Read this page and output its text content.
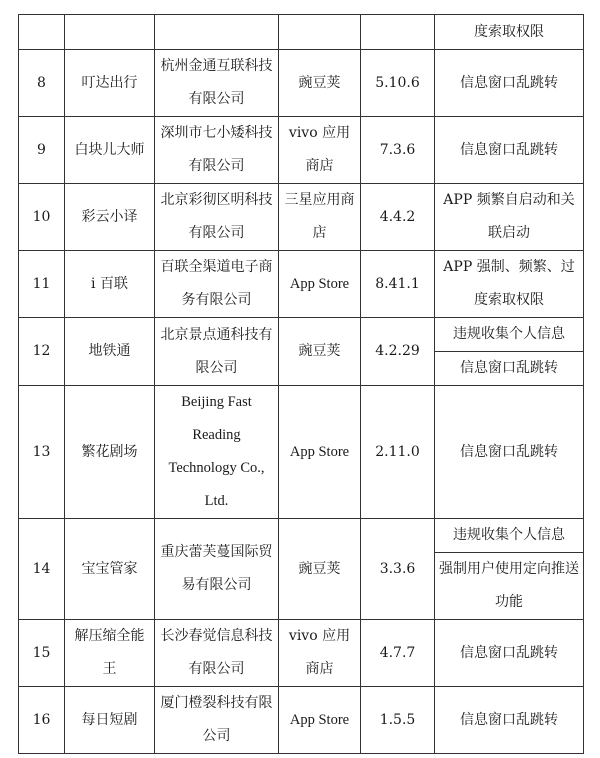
					度索取权限
8	叮达出行	杭州金通互联科技有限公司	豌豆荚	5.10.6	信息窗口乱跳转
9	白块儿大师	深圳市七小矮科技有限公司	vivo 应用商店	7.3.6	信息窗口乱跳转
10	彩云小译	北京彩彻区明科技有限公司	三星应用商店	4.4.2	APP 频繁自启动和关联启动
11	i 百联	百联全渠道电子商务有限公司	App Store	8.41.1	APP 强制、频繁、过度索取权限
12	地铁通	北京景点通科技有限公司	豌豆荚	4.2.29	违规收集个人信息
					信息窗口乱跳转
13	繁花剧场	Beijing Fast Reading Technology Co., Ltd.	App Store	2.11.0	信息窗口乱跳转
14	宝宝管家	重庆蕾芙蔓国际贸易有限公司	豌豆荚	3.3.6	违规收集个人信息
					强制用户使用定向推送功能
15	解压缩全能王	长沙春觉信息科技有限公司	vivo 应用商店	4.7.7	信息窗口乱跳转
16	每日短剧	厦门橙裂科技有限公司	App Store	1.5.5	信息窗口乱跳转
